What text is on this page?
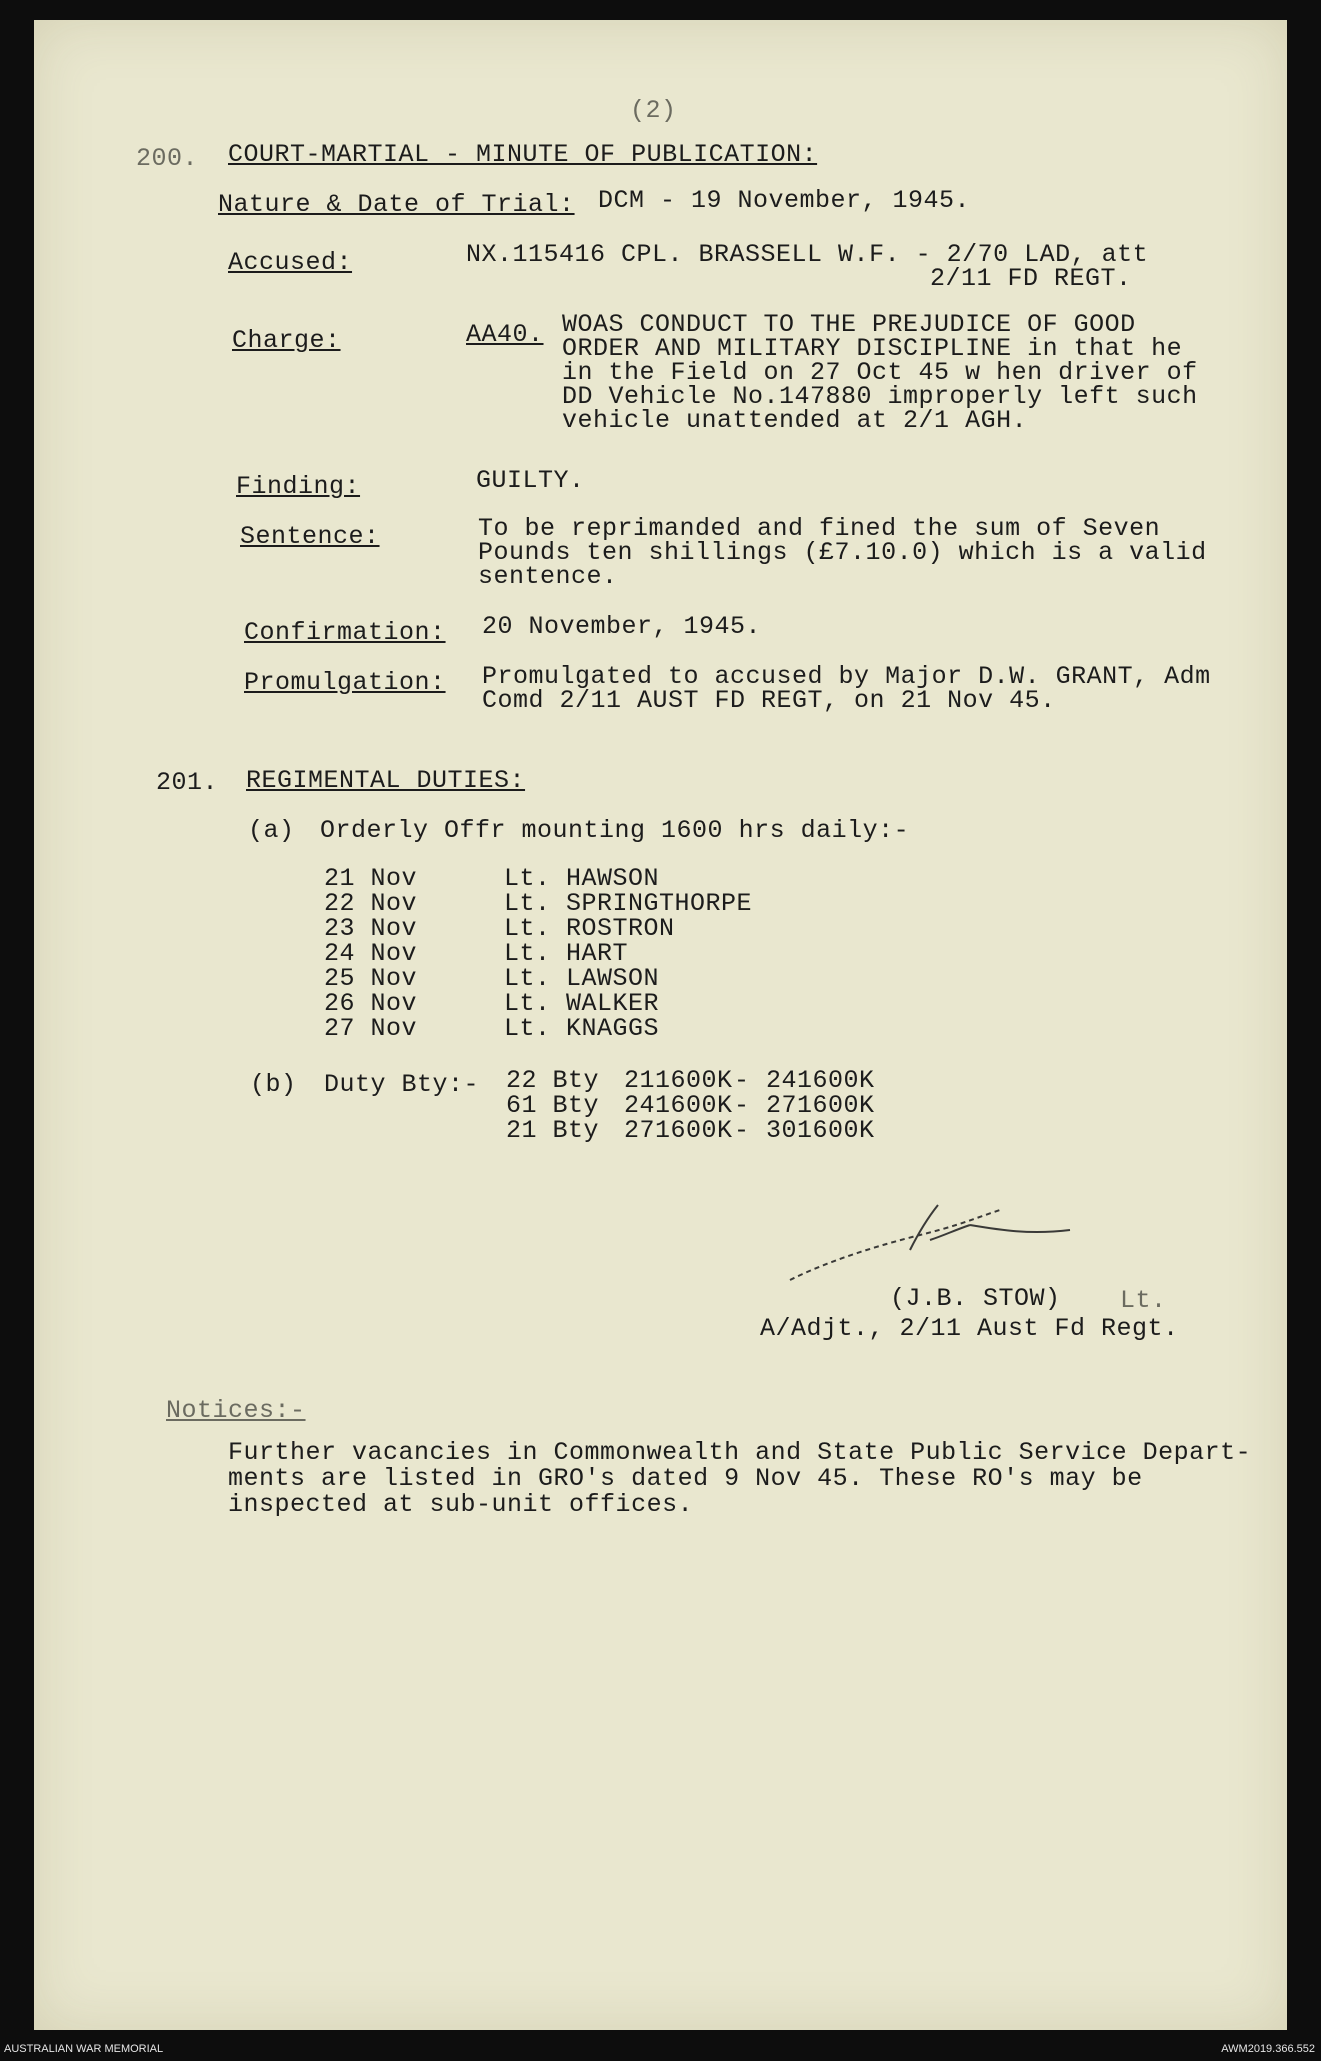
(2)
200. COURT-MARTIAL - MINUTE OF PUBLICATION:
Nature & Date of Trial: DCM - 19 November, 1945.
Accused:	NX.115416 CPL. BRASSELL W.F. - 2/70 LAD, att
2/11 FD REGT.
Charge:	AA40. WOAS CONDUCT TO THE PREJUDICE OF GOOD
ORDER AND MILITARY DISCIPLINE in that he
in the Field on 27 Oct 45 w hen driver of
DD Vehicle No.147880 improperly left such
vehicle unattended at 2/1 AGH.
Finding:	GUILTY.
Sentence:	To be reprimanded and fined the sum of Seven
Pounds ten shillings (£7.10.0) which is a valid
sentence.
Confirmation: 20 November, 1945.
Promulgation: Promulgated to accused by Major D.W. GRANT, Adm
Comd 2/11 AUST FD REGT, on 21 Nov 45.
201. REGIMENTAL DUTIES:
(a) Orderly Offr mounting 1600 hrs daily:-
21 Nov	Lt. HAWSON
22 Nov	Lt. SPRINGTHORPE
23 Nov	Lt. ROSTRON
24 Nov	Lt. HART
25 Nov	Lt. LAWSON
26 Nov	Lt. WALKER
27 Nov	Lt. KNAGGS
(b) Duty Bty:- 22 Bty 211600K - 241600K
61 Bty 241600K - 271600K
21 Bty 271600K - 301600K
(J.B. STOW) Lt.
A/Adjt., 2/11 Aust Fd Regt.
Notices:-
Further vacancies in Commonwealth and State Public Service Depart-
ments are listed in GRO's dated 9 Nov 45. These RO's may be
inspected at sub-unit offices.
AUSTRALIAN WAR MEMORIAL	AWM2019.366.552
